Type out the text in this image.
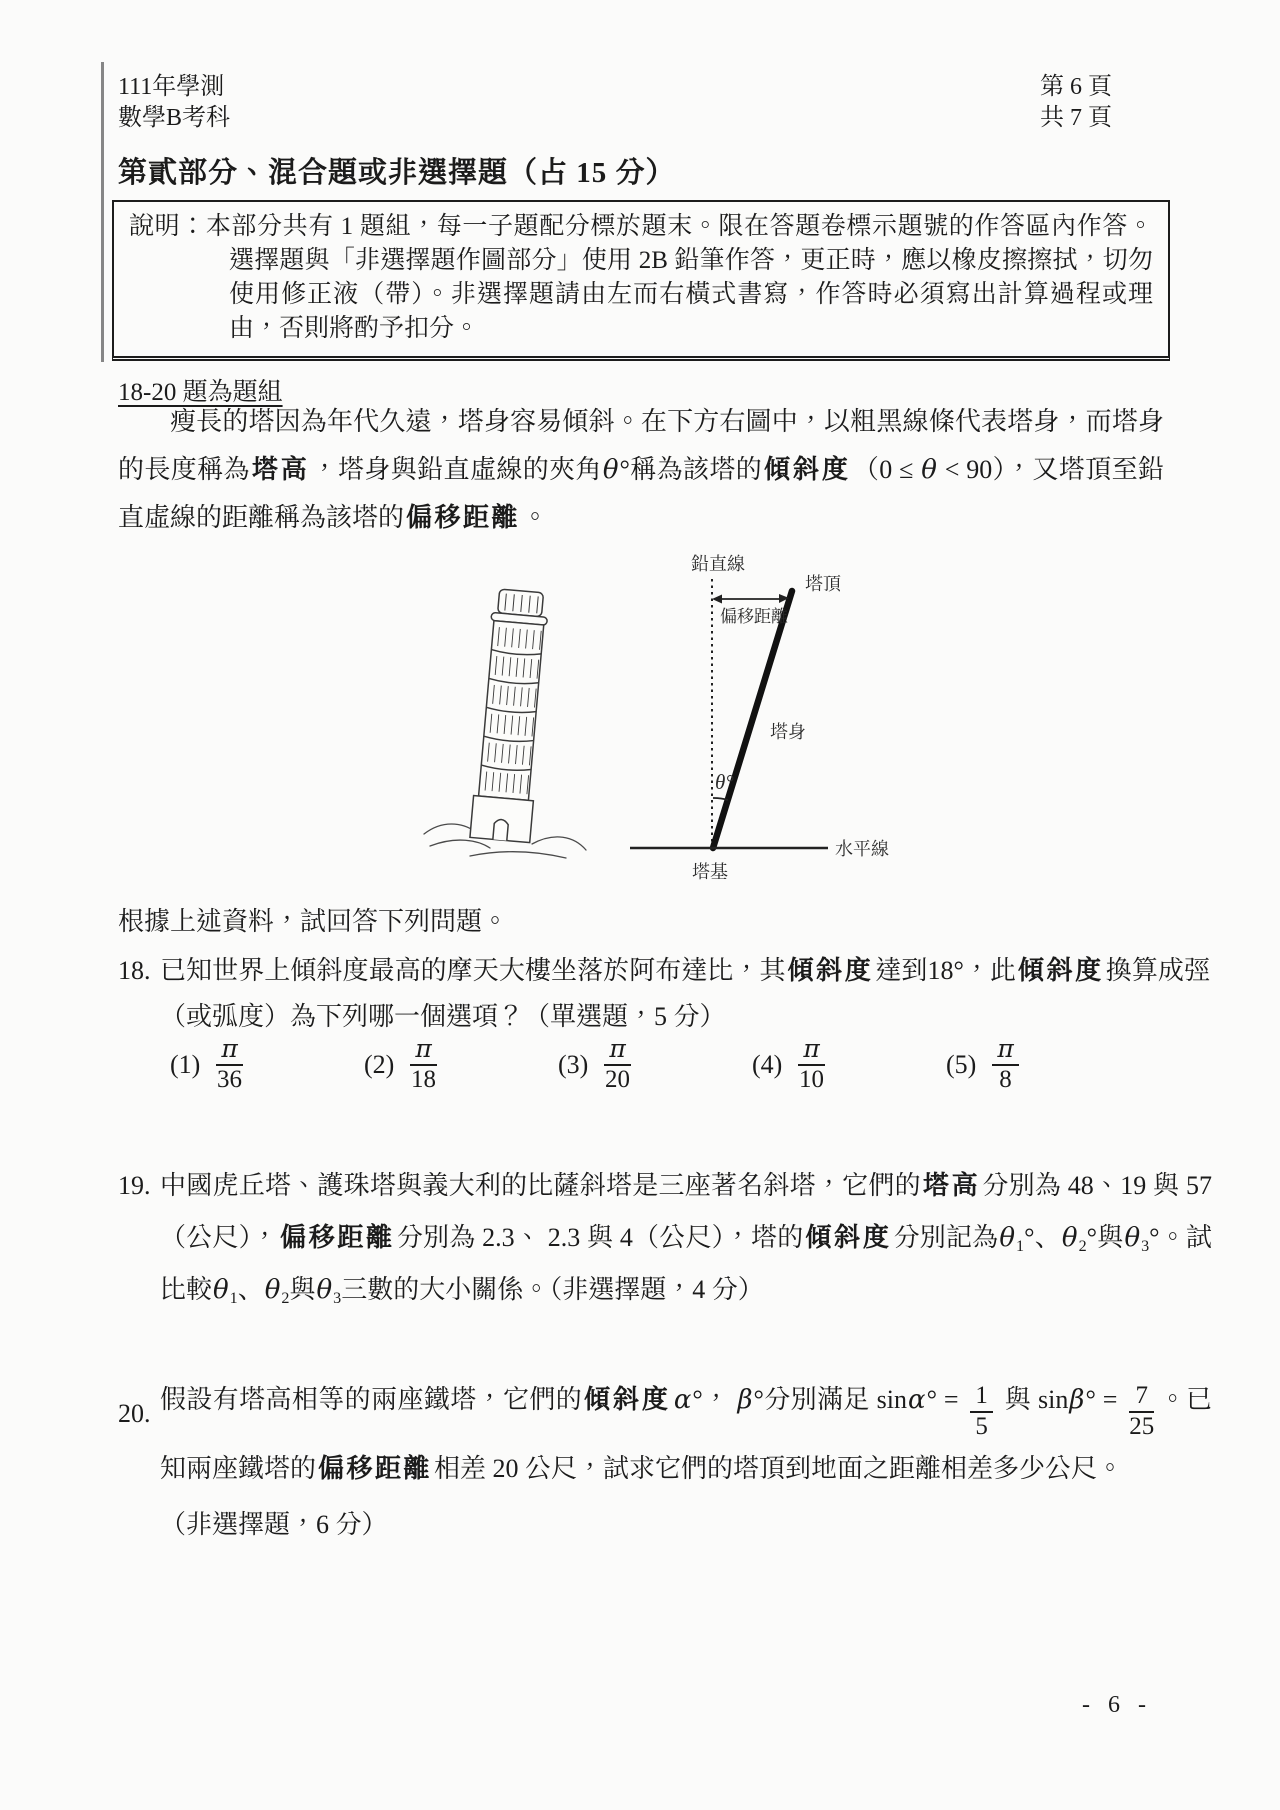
111年學測
數學B考科
第 6 頁
共 7 頁
第貳部分、混合題或非選擇題（占 15 分）

說明：本部分共有 1 題組，每一子題配分標於題末。限在答題卷標示題號的作答區內作答。選擇題與「非選擇題作圖部分」使用 2B 鉛筆作答，更正時，應以橡皮擦擦拭，切勿使用修正液（帶）。非選擇題請由左而右橫式書寫，作答時必須寫出計算過程或理由，否則將酌予扣分。

18-20 題為題組
瘦長的塔因為年代久遠，塔身容易傾斜。在下方右圖中，以粗黑線條代表塔身，而塔身的長度稱為塔高，塔身與鉛直虛線的夾角θ°稱為該塔的傾斜度（0 ≤ θ < 90），又塔頂至鉛直虛線的距離稱為該塔的偏移距離。
鉛直線
塔頂
偏移距離
塔身
θ°
水平線
塔基
根據上述資料，試回答下列問題。
18. 已知世界上傾斜度最高的摩天大樓坐落於阿布達比，其傾斜度達到18°，此傾斜度換算成弳（或弧度）為下列哪一個選項？（單選題，5 分）
$(1) \frac{\pi}{36}$	$(2) \frac{\pi}{18}$	$(3) \frac{\pi}{20}$	$(4) \frac{\pi}{10}$	$(5) \frac{\pi}{8}$
19. 中國虎丘塔、護珠塔與義大利的比薩斜塔是三座著名斜塔，它們的塔高分別為 48、19 與 57（公尺），偏移距離分別為 2.3、 2.3 與 4（公尺），塔的傾斜度分別記為$\theta_1^\circ$、$\theta_2^\circ$與$\theta_3^\circ$。試比較$\theta_1$、$\theta_2$與$\theta_3$三數的大小關係。（非選擇題，4 分）
20. 假設有塔高相等的兩座鐵塔，它們的傾斜度 α°， β°分別滿足 $\sin\alpha^\circ = \frac{1}{5}$ 與 $\sin\beta^\circ = \frac{7}{25}$ 。已知兩座鐵塔的偏移距離相差 20 公尺，試求它們的塔頂到地面之距離相差多少公尺。
（非選擇題，6 分）
- 6 -
